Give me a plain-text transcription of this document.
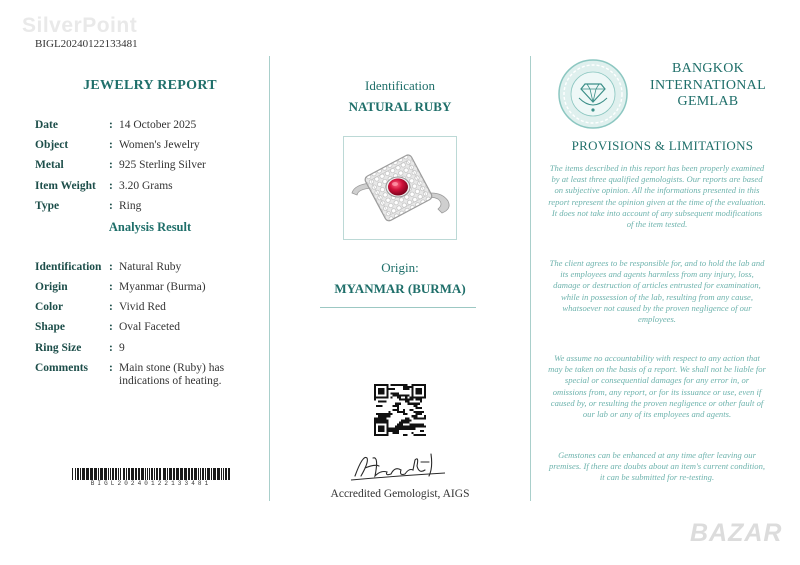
SilverPoint
BIGL20240122133481
JEWELRY REPORT
Date	: 14 October 2025
Object	: Women's Jewelry
Metal	: 925 Sterling Silver
Item Weight : 3.20 Grams
Type	: Ring
Analysis Result
Identification : Natural Ruby
Origin	: Myanmar (Burma)
Color	: Vivid Red
Shape	: Oval Faceted
Ring Size : 9
Comments : Main stone (Ruby) has indications of heating.
BIGL20240122133481
Identification
NATURAL RUBY
Origin:
MYANMAR (BURMA)
Accredited Gemologist, AIGS
BANGKOK
INTERNATIONAL
GEMLAB
PROVISIONS & LIMITATIONS
The items described in this report has been properly examined by at least three qualified gemologists. Our reports are based on subjective opinion. All the informations presented in this report represent the opinion given at the time of the evaluation. It does not take into account of any subsequent modifications of the item tested.
The client agrees to be responsible for, and to hold the lab and its employees and agents harmless from any injury, loss, damage or destruction of articles entrusted for examination, while in possession of the lab, resulting from any cause, whatsoever not caused by the proven negligence of our employees.
We assume no accountability with respect to any action that may be taken on the basis of a report. We shall not be liable for special or consequential damages for any error in, or omissions from, any report, or for its issuance or use, even if caused by, or resulting the proven negligence or other fault of our lab or any of its employees and agents.
Gemstones can be enhanced at any time after leaving our premises. If there are doubts about an item's current condition, it can be submitted for re-testing.
BAZAR
